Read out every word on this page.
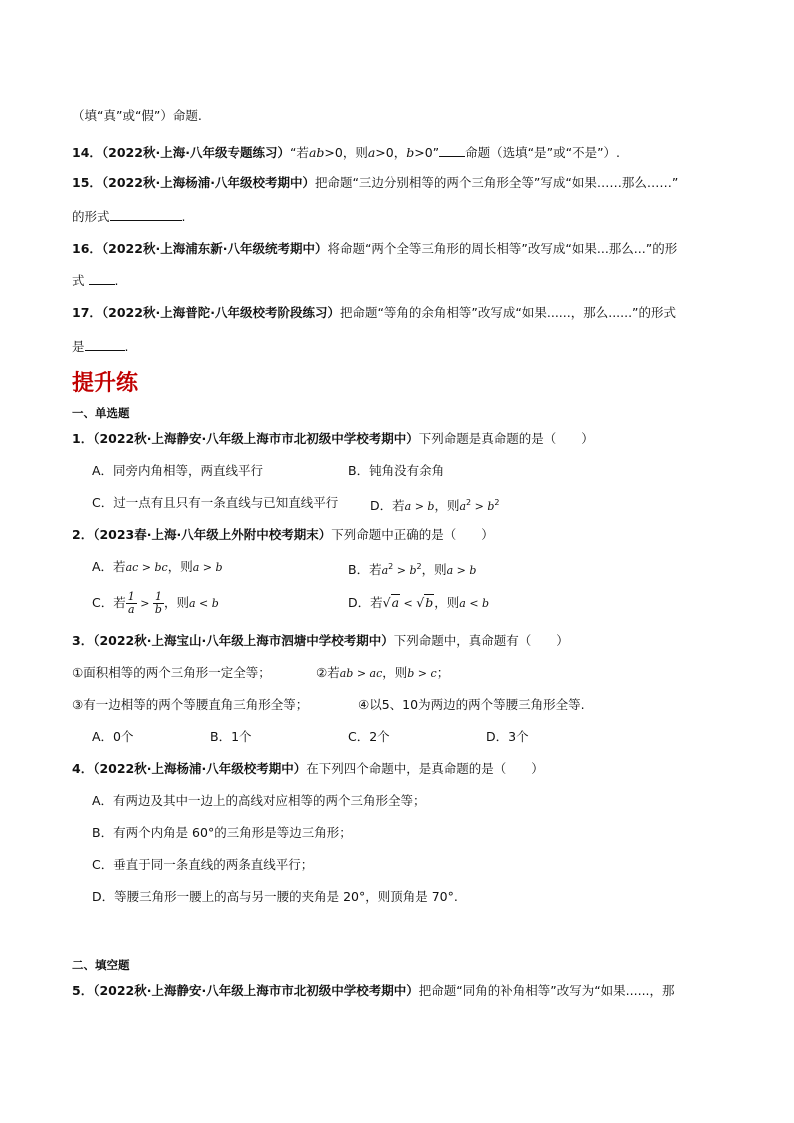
（填“真”或“假”）命题.
14．（2022秋·上海·八年级专题练习）“若ab>0，则a>0，b>0” 命题（选填“是”或“不是”）.
15．（2022秋·上海杨浦·八年级校考期中）把命题“三边分别相等的两个三角形全等”写成“如果……那么……”
的形式	.
16．（2022秋·上海浦东新·八年级统考期中）将命题“两个全等三角形的周长相等”改写成“如果...那么...”的形
式 .
17．（2022秋·上海普陀·八年级校考阶段练习）把命题“等角的余角相等”改写成“如果......，那么......”的形式
是	.
提升练
一、单选题
1．（2022秋·上海静安·八年级上海市市北初级中学校考期中）下列命题是真命题的是（　　）
A．同旁内角相等，两直线平行	B．钝角没有余角
C．过一点有且只有一条直线与已知直线平行	D．若a > b，则$a^2 > b^2$
2．（2023春·上海·八年级上外附中校考期末）下列命题中正确的是（　　）
A．若ac > bc，则a > b	B．若$a^2 > b^2$，则a > b
C．若 $\frac{1}{a} > \frac{1}{b}$ ，则a < b	D．若√a < √b，则a < b
3．（2022秋·上海宝山·八年级上海市泗塘中学校考期中）下列命题中，真命题有（　　）
①面积相等的两个三角形一定全等；	②若ab > ac，则b > c；
③有一边相等的两个等腰直角三角形全等；	④以5、10为两边的两个等腰三角形全等.
A．0个	B．1个	C．2个	D．3个
4．（2022秋·上海杨浦·八年级校考期中）在下列四个命题中，是真命题的是（　　）
A．有两边及其中一边上的高线对应相等的两个三角形全等；
B．有两个内角是 60°的三角形是等边三角形；
C．垂直于同一条直线的两条直线平行；
D．等腰三角形一腰上的高与另一腰的夹角是 20°，则顶角是 70°.
二、填空题
5．（2022秋·上海静安·八年级上海市市北初级中学校考期中）把命题“同角的补角相等”改写为“如果......，那
